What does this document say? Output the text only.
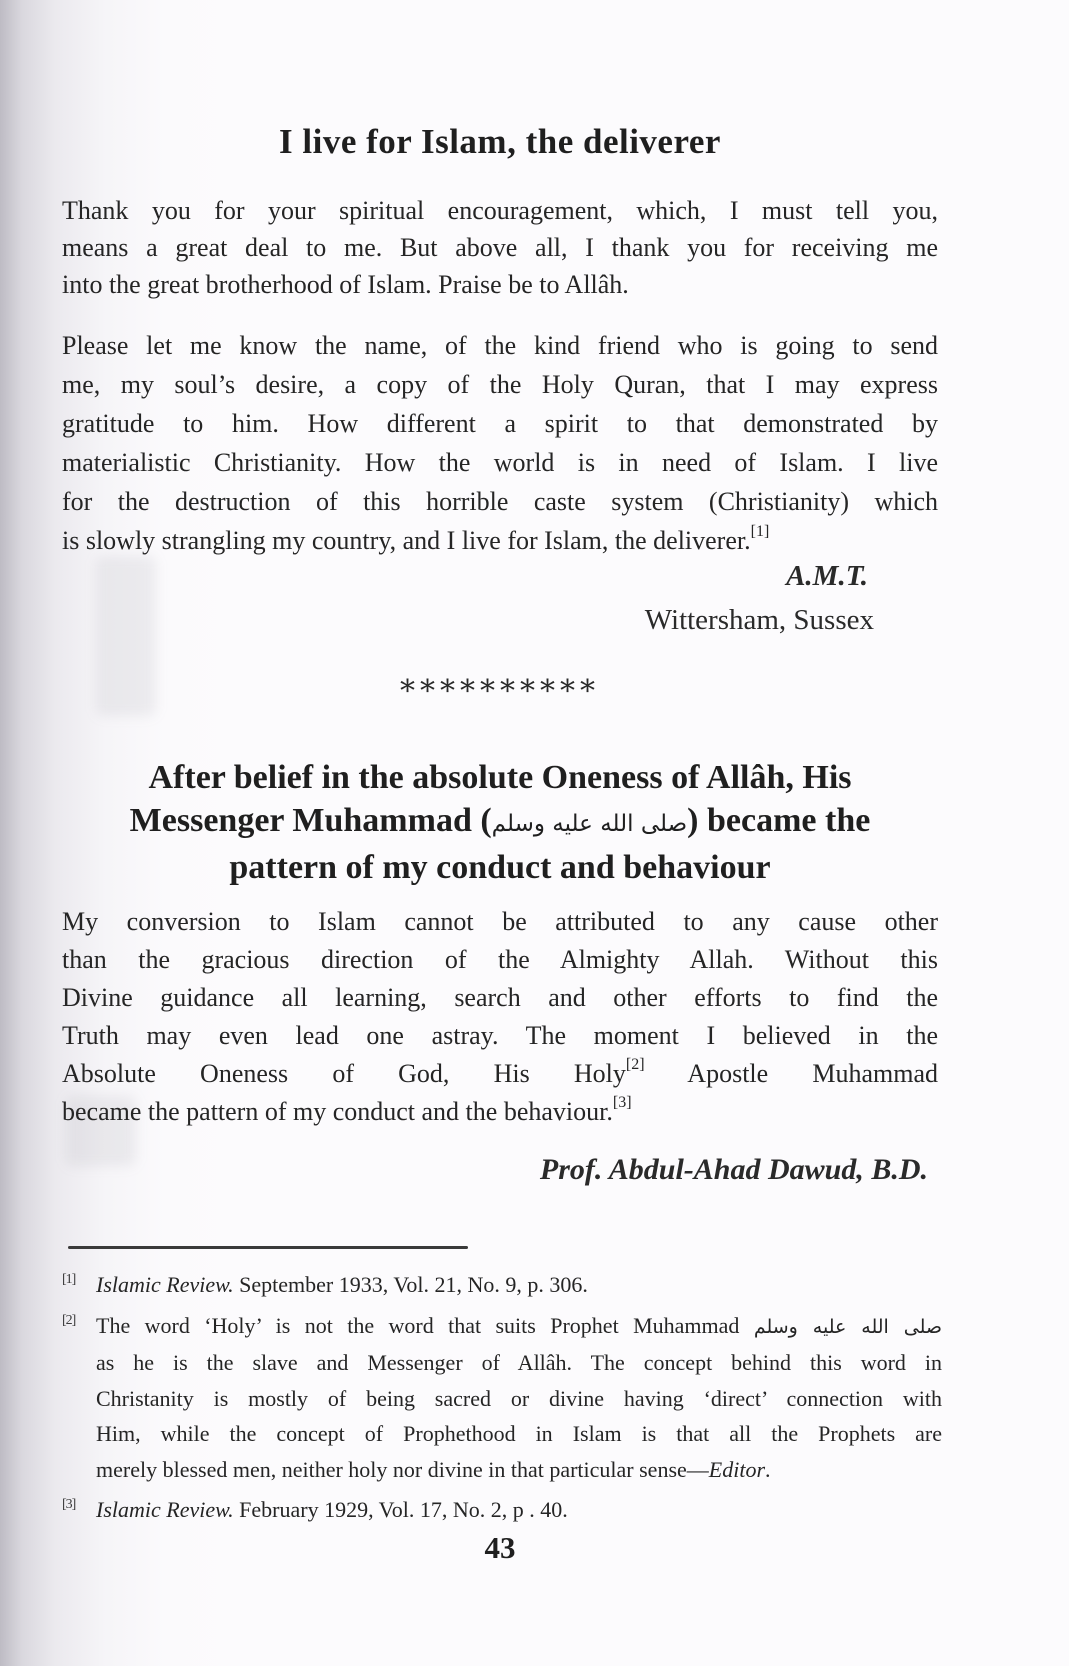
I live for Islam, the deliverer
Thank you for your spiritual encouragement, which, I must tell you,
means a great deal to me. But above all, I thank you for receiving me
into the great brotherhood of Islam. Praise be to Allâh.
Please let me know the name, of the kind friend who is going to send
me, my soul’s desire, a copy of the Holy Quran, that I may express
gratitude to him. How different a spirit to that demonstrated by
materialistic Christianity. How the world is in need of Islam. I live
for the destruction of this horrible caste system (Christianity) which
is slowly strangling my country, and I live for Islam, the deliverer.[1]
A.M.T.
Wittersham, Sussex
**********
After belief in the absolute Oneness of Allâh, His
Messenger Muhammad (صلى الله عليه وسلم) became the
pattern of my conduct and behaviour
My conversion to Islam cannot be attributed to any cause other
than the gracious direction of the Almighty Allah. Without this
Divine guidance all learning, search and other efforts to find the
Truth may even lead one astray. The moment I believed in the
Absolute Oneness of God, His Holy[2] Apostle Muhammad
became the pattern of my conduct and the behaviour.[3]
Prof. Abdul-Ahad Dawud, B.D.
[1] Islamic Review. September 1933, Vol. 21, No. 9, p. 306.
[2] The word ‘Holy’ is not the word that suits Prophet Muhammad صلى الله عليه وسلم
as he is the slave and Messenger of Allâh. The concept behind this word in
Christanity is mostly of being sacred or divine having ‘direct’ connection with
Him, while the concept of Prophethood in Islam is that all the Prophets are
merely blessed men, neither holy nor divine in that particular sense—Editor.
[3] Islamic Review. February 1929, Vol. 17, No. 2, p . 40.
43
